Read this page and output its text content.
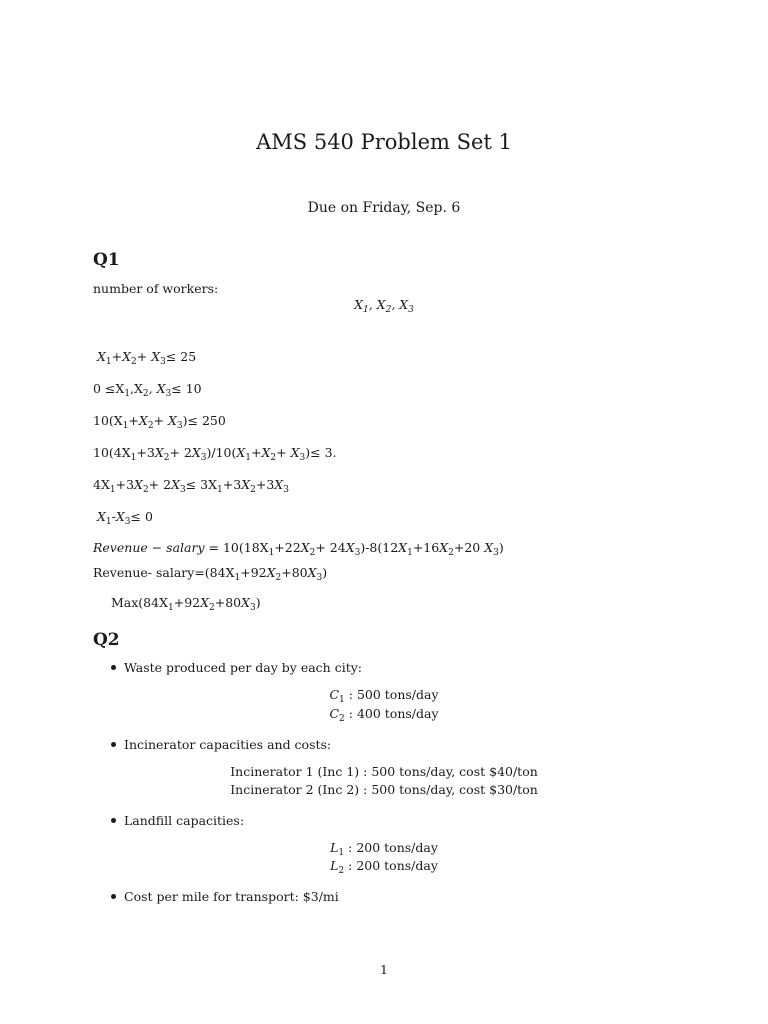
AMS 540 Problem Set 1
Due on Friday, Sep. 6
Q1
number of workers:
$X_1$, $X_2$, $X_3$
$X_1+X_2+ X_3\le 25$
$0 \le X_1,X_2$, $X_3\le 10$
$10(X_1+X_2+ X_3)\le 250$
$10(4X_1+3X_2+ 2X_3)/10(X_1+X_2+ X_3)\le 3$.
$4X_1+3X_2+ 2X_3\le 3X_1+3X_2+3X_3$
$X_1-X_3\le 0$
Revenue − salary = $10(18X_1+22X_2+ 24X_3)-8(12X_1+16X_2+20$ $X_3$)
Revenue- $salary=(84X_1+92X_2+80X_3)$
$Max(84X_1+92X_2+80X_3)$
Q2
Waste produced per day by each city:
$C_1$ : 500 tons/day
$C_2$ : 400 tons/day
Incinerator capacities and costs:
Incinerator 1 (Inc 1) : 500 tons/day, cost $40/ton
Incinerator 2 (Inc 2) : 500 tons/day, cost $30/ton
Landfill capacities:
$L_1$ : 200 tons/day
$L_2$ : 200 tons/day
Cost per mile for transport: $3/mi
1
